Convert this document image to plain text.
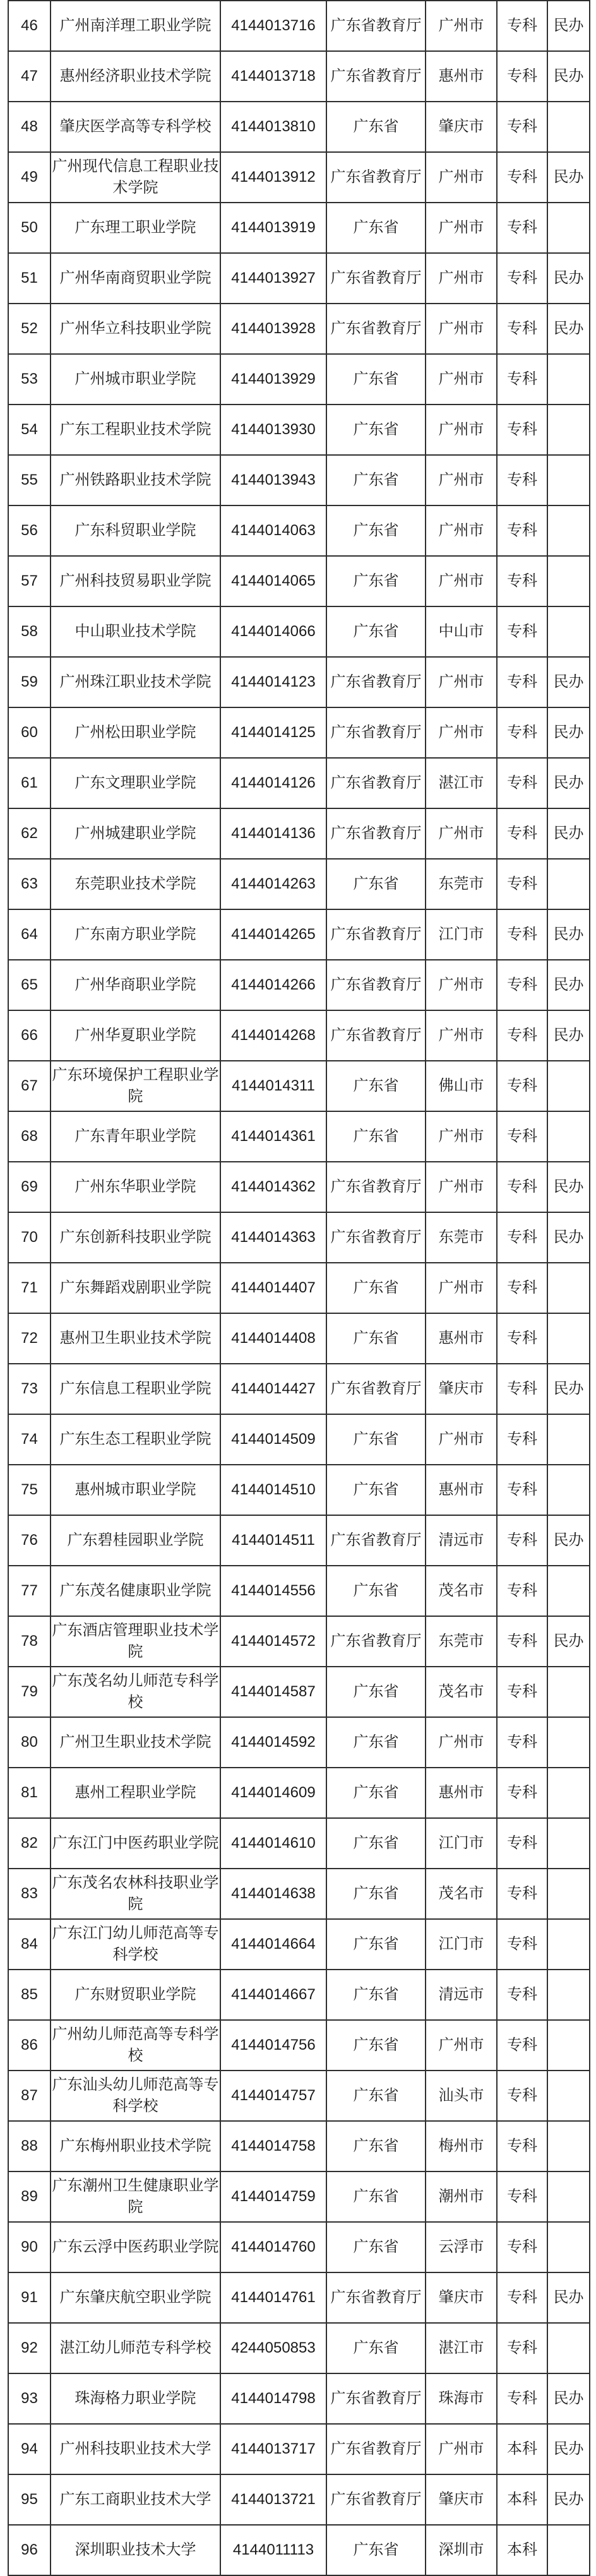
46	广州南洋理工职业学院	4144013716	广东省教育厅	广州市	专科	民办
47	惠州经济职业技术学院	4144013718	广东省教育厅	惠州市	专科	民办
48	肇庆医学高等专科学校	4144013810	广东省	肇庆市	专科	
49	广州现代信息工程职业技术学院	4144013912	广东省教育厅	广州市	专科	民办
50	广东理工职业学院	4144013919	广东省	广州市	专科	
51	广州华南商贸职业学院	4144013927	广东省教育厅	广州市	专科	民办
52	广州华立科技职业学院	4144013928	广东省教育厅	广州市	专科	民办
53	广州城市职业学院	4144013929	广东省	广州市	专科	
54	广东工程职业技术学院	4144013930	广东省	广州市	专科	
55	广州铁路职业技术学院	4144013943	广东省	广州市	专科	
56	广东科贸职业学院	4144014063	广东省	广州市	专科	
57	广州科技贸易职业学院	4144014065	广东省	广州市	专科	
58	中山职业技术学院	4144014066	广东省	中山市	专科	
59	广州珠江职业技术学院	4144014123	广东省教育厅	广州市	专科	民办
60	广州松田职业学院	4144014125	广东省教育厅	广州市	专科	民办
61	广东文理职业学院	4144014126	广东省教育厅	湛江市	专科	民办
62	广州城建职业学院	4144014136	广东省教育厅	广州市	专科	民办
63	东莞职业技术学院	4144014263	广东省	东莞市	专科	
64	广东南方职业学院	4144014265	广东省教育厅	江门市	专科	民办
65	广州华商职业学院	4144014266	广东省教育厅	广州市	专科	民办
66	广州华夏职业学院	4144014268	广东省教育厅	广州市	专科	民办
67	广东环境保护工程职业学院	4144014311	广东省	佛山市	专科	
68	广东青年职业学院	4144014361	广东省	广州市	专科	
69	广州东华职业学院	4144014362	广东省教育厅	广州市	专科	民办
70	广东创新科技职业学院	4144014363	广东省教育厅	东莞市	专科	民办
71	广东舞蹈戏剧职业学院	4144014407	广东省	广州市	专科	
72	惠州卫生职业技术学院	4144014408	广东省	惠州市	专科	
73	广东信息工程职业学院	4144014427	广东省教育厅	肇庆市	专科	民办
74	广东生态工程职业学院	4144014509	广东省	广州市	专科	
75	惠州城市职业学院	4144014510	广东省	惠州市	专科	
76	广东碧桂园职业学院	4144014511	广东省教育厅	清远市	专科	民办
77	广东茂名健康职业学院	4144014556	广东省	茂名市	专科	
78	广东酒店管理职业技术学院	4144014572	广东省教育厅	东莞市	专科	民办
79	广东茂名幼儿师范专科学校	4144014587	广东省	茂名市	专科	
80	广州卫生职业技术学院	4144014592	广东省	广州市	专科	
81	惠州工程职业学院	4144014609	广东省	惠州市	专科	
82	广东江门中医药职业学院	4144014610	广东省	江门市	专科	
83	广东茂名农林科技职业学院	4144014638	广东省	茂名市	专科	
84	广东江门幼儿师范高等专科学校	4144014664	广东省	江门市	专科	
85	广东财贸职业学院	4144014667	广东省	清远市	专科	
86	广州幼儿师范高等专科学校	4144014756	广东省	广州市	专科	
87	广东汕头幼儿师范高等专科学校	4144014757	广东省	汕头市	专科	
88	广东梅州职业技术学院	4144014758	广东省	梅州市	专科	
89	广东潮州卫生健康职业学院	4144014759	广东省	潮州市	专科	
90	广东云浮中医药职业学院	4144014760	广东省	云浮市	专科	
91	广东肇庆航空职业学院	4144014761	广东省教育厅	肇庆市	专科	民办
92	湛江幼儿师范专科学校	4244050853	广东省	湛江市	专科	
93	珠海格力职业学院	4144014798	广东省教育厅	珠海市	专科	民办
94	广州科技职业技术大学	4144013717	广东省教育厅	广州市	本科	民办
95	广东工商职业技术大学	4144013721	广东省教育厅	肇庆市	本科	民办
96	深圳职业技术大学	4144011113	广东省	深圳市	本科	
